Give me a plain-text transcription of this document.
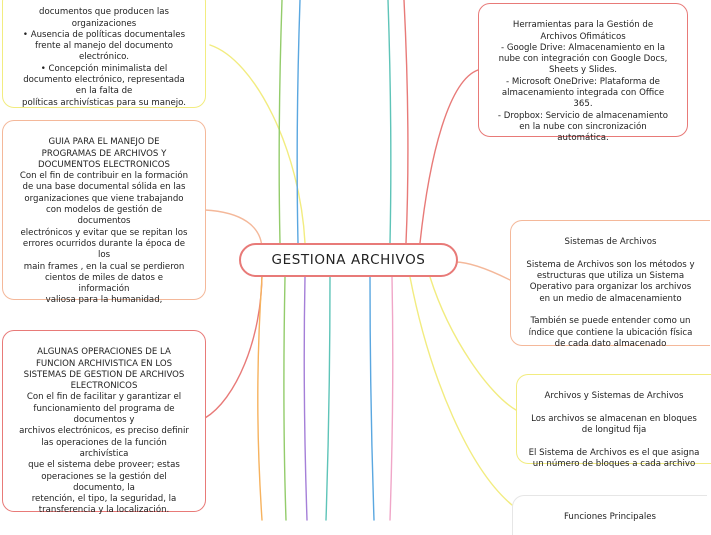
GESTIONA ARCHIVOS

documentos que producen las
organizaciones
• Ausencia de políticas documentales
frente al manejo del documento
electrónico.
• Concepción minimalista del
documento electrónico, representada
en la falta de
políticas archivísticas para su manejo.

GUIA PARA EL MANEJO DE
PROGRAMAS DE ARCHIVOS Y
DOCUMENTOS ELECTRONICOS
Con el fin de contribuir en la formación
de una base documental sólida en las
organizaciones que viene trabajando
con modelos de gestión de
documentos
electrónicos y evitar que se repitan los
errores ocurridos durante la época de
los
main frames , en la cual se perdieron
cientos de miles de datos e
información
valiosa para la humanidad,

ALGUNAS OPERACIONES DE LA
FUNCION ARCHIVISTICA EN LOS
SISTEMAS DE GESTION DE ARCHIVOS
ELECTRONICOS
Con el fin de facilitar y garantizar el
funcionamiento del programa de
documentos y
archivos electrónicos, es preciso definir
las operaciones de la función
archivística
que el sistema debe proveer; estas
operaciones se la gestión del
documento, la
retención, el tipo, la seguridad, la
transferencia y la localización.

Herramientas para la Gestión de
Archivos Ofimáticos
- Google Drive: Almacenamiento en la
nube con integración con Google Docs,
Sheets y Slides.
- Microsoft OneDrive: Plataforma de
almacenamiento integrada con Office
365.
- Dropbox: Servicio de almacenamiento
en la nube con sincronización
automática.

Sistemas de Archivos

Sistema de Archivos son los métodos y
estructuras que utiliza un Sistema
Operativo para organizar los archivos
en un medio de almacenamiento

También se puede entender como un
índice que contiene la ubicación física
de cada dato almacenado

Archivos y Sistemas de Archivos

Los archivos se almacenan en bloques
de longitud fija

El Sistema de Archivos es el que asigna
un número de bloques a cada archivo

Funciones Principales
